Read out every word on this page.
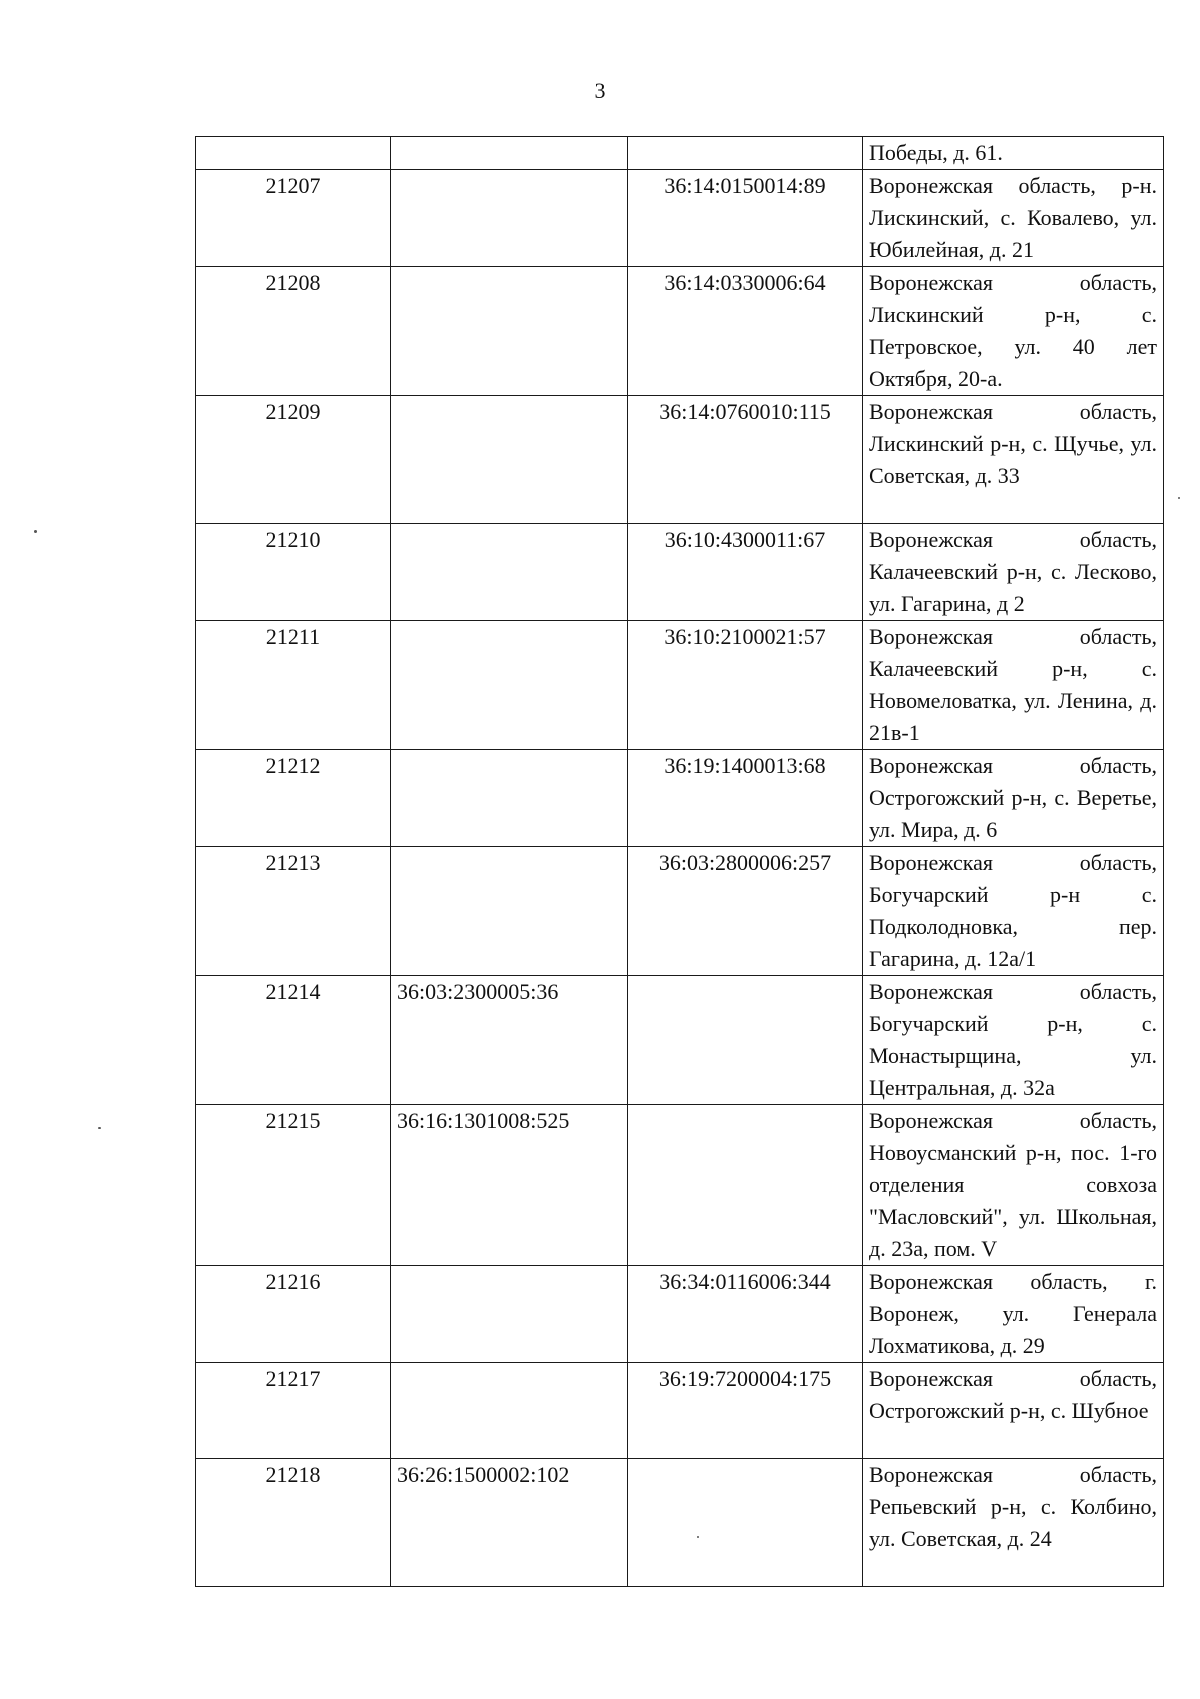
3
			Победы, д. 61.
21207		36:14:0150014:89	Воронежская область, р-н. Лискинский, с. Ковалево, ул. Юбилейная, д. 21
21208		36:14:0330006:64	Воронежская область, Лискинский р-н, с. Петровское, ул. 40 лет Октября, 20-а.
21209		36:14:0760010:115	Воронежская область, Лискинский р-н, с. Щучье, ул. Советская, д. 33
21210		36:10:4300011:67	Воронежская область, Калачеевский р-н, с. Лесково, ул. Гагарина, д 2
21211		36:10:2100021:57	Воронежская область, Калачеевский р-н, с. Новомеловатка, ул. Ленина, д. 21в-1
21212		36:19:1400013:68	Воронежская область, Острогожский р-н, с. Веретье, ул. Мира, д. 6
21213		36:03:2800006:257	Воронежская область, Богучарский р-н с. Подколодновка, пер. Гагарина, д. 12а/1
21214	36:03:2300005:36		Воронежская область, Богучарский р-н, с. Монастырщина, ул. Центральная, д. 32а
21215	36:16:1301008:525		Воронежская область, Новоусманский р-н, пос. 1-го отделения совхоза "Масловский", ул. Школьная, д. 23а, пом. V
21216		36:34:0116006:344	Воронежская область, г. Воронеж, ул. Генерала Лохматикова, д. 29
21217		36:19:7200004:175	Воронежская область, Острогожский р-н, с. Шубное
21218	36:26:1500002:102		Воронежская область, Репьевский р-н, с. Колбино, ул. Советская, д. 24
